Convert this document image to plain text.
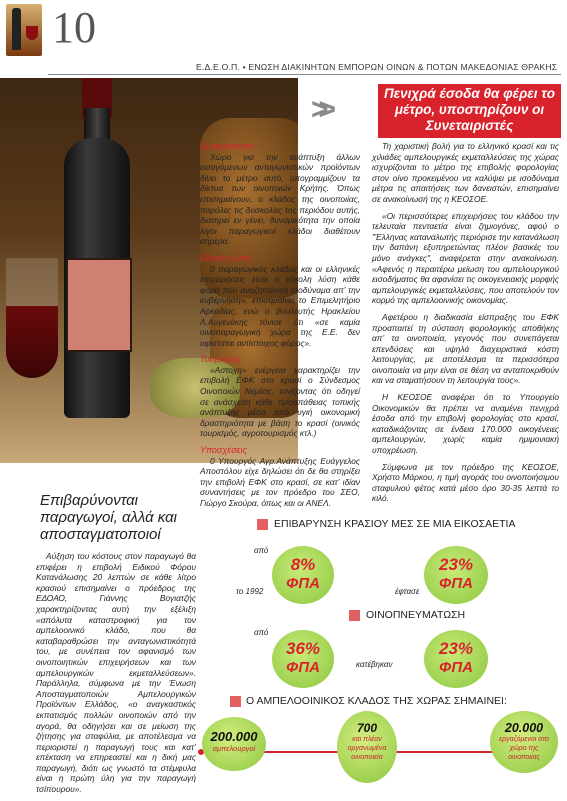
10
Ε.Δ.Ε.Ο.Π. • ΕΝΩΣΗ ΔΙΑΚΙΝΗΤΩΝ ΕΜΠΟΡΩΝ ΟΙΝΩΝ & ΠΟΤΩΝ ΜΑΚΕΔΟΝΙΑΣ ΘΡΑΚΗΣ
>>	Πενιχρά έσοδα θα φέρει το μέτρο, υποστηρίζουν οι Συνεταιριστές
Δυναμικότητα

Χώρο για την ανάπτυξη άλλων εισαγόμενων ανταγωνιστικών προϊόντων δίνει το μέτρο αυτό, υπογραμμίζουν τα δίκτυα των οινοποιών Κρήτης. Όπως επισημαίνουν, ο κλάδος της οινοποιίας, παρόλες τις δυσκολίες της περιόδου αυτής, διατηρεί εν γένει, δυναμικότητα την οποία λίγοι παραγωγικοί κλάδοι διαθέτουν σήμερα.

Εύκολη λύση

0 παραγωγικός κλάδος και οι ελληνικές επιχειρήσεις είναι η εύκολη λύση κάθε φορά που αναζητούνται ισοδύναμα απ’ την κυβέρνηση», επισημαίνει το Επιμελητήριο Αρκαδίας, ενώ ο βουλευτής Ηρακλείου Λ.Αυγενάκης τόνισε ότι «σε καμία οινοπαραγωγική χώρα της Ε.Ε. δεν υφίσταται αντίστοιχος φόρος».

Τουρισμός

«Αστοχη» ενέργεια χαρακτηρίζει την επιβολή ΕΦΚ στο κρασί ο Σύνδεσμος Οινοποιών Νεμέας, τονίζοντας ότι οδηγεί σε ανάσχεση κάθε προσπάθειας τοπικής ανάπτυξης μέσα από υγιή οικονομική δραστηριότητα με βάση το κρασί (οινικός τουρισμός, αγροτουρισμός κτλ.)

Υποσχέσεις

0 Υπουργός Αγρ.Ανάπτυξης Ευάγγελος Αποστόλου είχε δηλώσει ότι δε θα στηρίξει την επιβολή ΕΦΚ στο κρασί, σε κατ’ ιδίαν συναντήσεις με τον πρόεδρο του ΣΕΟ, Γιώργο Σκούρα, όπως και οι ΑΝΕΛ.

Τη χαριστική βολή για το ελληνικό κρασί και τις χιλιάδες αμπελουργικές εκμεταλλεύσεις της χώρας ισχυρίζονται το μέτρο της επιβολής φορολογίας στον οίνο προκειμένου να καλύψει με ισοδύναμα μέτρα τις απαιτήσεις των δανειστών, επισημαίνει σε ανακοίνωσή της η ΚΕΟΣΟΕ.

«Οι περισσότερες επιχειρήσεις του κλάδου την τελευταία πενταετία είναι ζημιογόνες, αφού ο "Έλληνας καταναλωτής περιόρισε την κατανάλωση την δαπάνη εξυπηρετώντας πλέον βασικές του μόνο ανάγκες", αναφέρεται στην ανακοίνωση. «Αφενός η περαιτέρω μείωση του αμπελουργικού εισοδήματος θα αφανίσει τις οικογενειακής μορφής αμπελουργικές εκμεταλλεύσεις, που αποτελούν τον κορμό της αμπελοοινικής οικονομίας.

Αφετέρου η διαδικασία είσπραξης του ΕΦΚ προαπαιτεί τη σύσταση φορολογικής αποθήκης απ’ τα οινοποιεία, γεγονός που συνεπάγεται επενδύσεις και υψηλά διαχειριστικά κόστη λειτουργίας, με αποτέλεσμα τα περισσότερα οινοποιεία να μην είναι σε θέση να ανταποκριθούν και να σταματήσουν τη λειτουργία τους».

Η ΚΕΟΣΟΕ αναφέρει ότι το Υπουργείο Οικονομικών θα πρέπει να αναμένει πενιχρά έσοδα από την επιβολή φορολογίας στο κρασί, καταδικάζοντας σε ένδεια 170.000 οικογένειες αμπελουργών, χωρίς καμία ημιμονιακή υποχρέωση.

Σύμφωνα με τον πρόεδρο της ΚΕΟΣΟΕ, Χρήστο Μάρκου, η τιμή αγοράς του οινοποιήσιμου σταφυλιού φέτος κατά μέσο όρο 30-35 λεπτά το κιλό.

Επιβαρύνονται παραγωγοί, αλλά και αποσταγματοποιοί

Αύξηση του κόστους στον παραγωγό θα επιφέρει η επιβολή Ειδικού Φόρου Κατανάλωσης 20 λεπτών σε κάθε λίτρο κρασιού επισημαίνει ο πρόεδρος της ΕΔΟΑΟ, Γιάννης Βογιατζής χαρακτηρίζοντας αυτή την εξέλιξη «απόλυτα καταστροφική για τον αμπελοοινικό κλάδο, που θα καταβαραθρώσει την ανταγωνιστικότητά του, με συνέπεια τον αφανισμό των οινοποιητικών επιχειρήσεων και των αμπελουργικών εκμεταλλεύσεων». Παράλληλα, σύμφωνα με την Ένωση Αποσταγματοποιών Αμπελουργικών Προϊόντων Ελλάδος, «ο αναγκαστικός εκπατισμός πολλών οινοποιών από την αγορά, θα οδηγήσει και σε μείωση της ζήτησης για σταφύλια, με αποτέλεσμα να περιοριστεί η παραγωγή τους και κατ’ επέκταση να επηρεαστεί και η δική μας παραγωγή, διότι ως γνωστό τα στέμφυλα είναι η πρώτη ύλη για την παραγωγή τσίπουρου».

ΕΠΙΒΑΡΥΝΣΗ ΚΡΑΣΙΟΥ ΜΕΣ ΣΕ ΜΙΑ ΕΙΚΟΣΑΕΤΙΑ
από
8%
ΦΠΑ
το 1992	έφτασε
23%
ΦΠΑ
ΟΙΝΟΠΝΕΥΜΑΤΩΣΗ
από
36%
ΦΠΑ	κατέβηκαν
23%
ΦΠΑ
Ο ΑΜΠΕΛΟΟΙΝΙΚΟΣ ΚΛΑΔΟΣ ΤΗΣ ΧΩΡΑΣ ΣΗΜΑΙΝΕΙ:
200.000
αμπελουργοί
700
και πλέον οργανωμένα οινοποιεία
20.000
εργαζόμενοι στο χώρο της οινοποιίας
